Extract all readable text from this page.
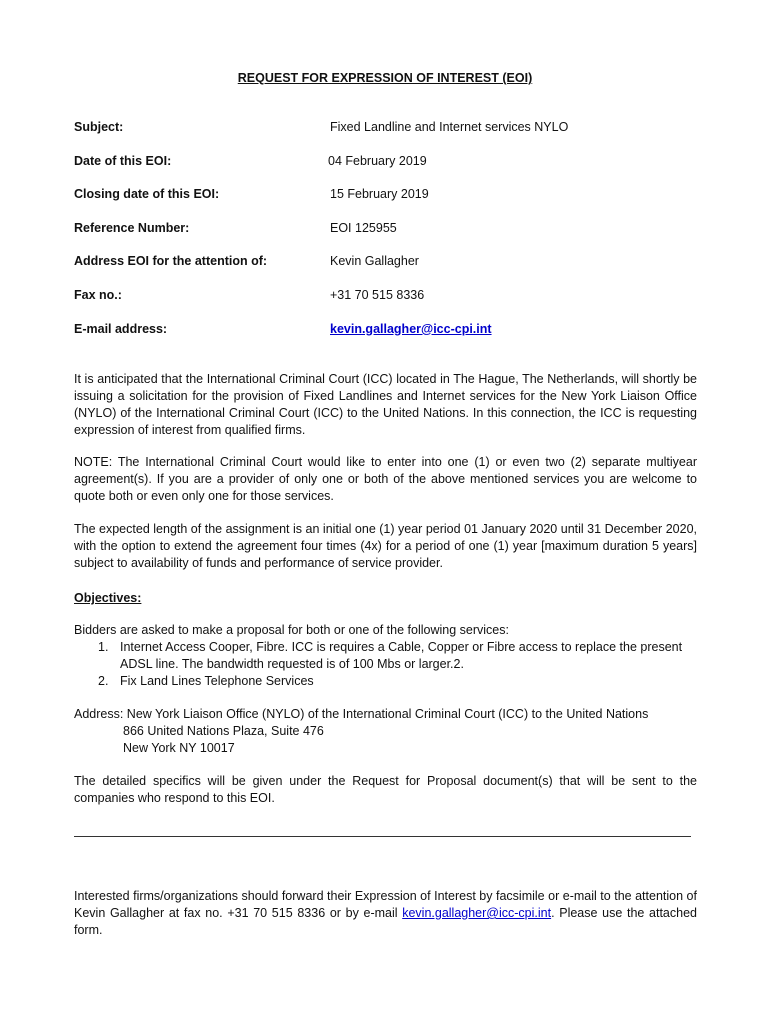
REQUEST FOR EXPRESSION OF INTEREST (EOI)
Subject:	Fixed Landline and Internet services NYLO
Date of this EOI:	04 February 2019
Closing date of this EOI:	15 February 2019
Reference Number:	EOI 125955
Address EOI for the attention of:	Kevin Gallagher
Fax no.:	+31 70 515 8336
E-mail address:	kevin.gallagher@icc-cpi.int

It is anticipated that the International Criminal Court (ICC) located in The Hague, The Netherlands, will shortly be issuing a solicitation for the provision of Fixed Landlines and Internet services for the New York Liaison Office (NYLO) of the International Criminal Court (ICC) to the United Nations. In this connection, the ICC is requesting expression of interest from qualified firms.

NOTE: The International Criminal Court would like to enter into one (1) or even two (2) separate multiyear agreement(s). If you are a provider of only one or both of the above mentioned services you are welcome to quote both or even only one for those services.

The expected length of the assignment is an initial one (1) year period 01 January 2020 until 31 December 2020, with the option to extend the agreement four times (4x) for a period of one (1) year [maximum duration 5 years] subject to availability of funds and performance of service provider.

Objectives:
Bidders are asked to make a proposal for both or one of the following services:
1. Internet Access Cooper, Fibre. ICC is requires a Cable, Copper or Fibre access to replace the present ADSL line. The bandwidth requested is of 100 Mbs or larger.2.
2. Fix Land Lines Telephone Services
Address: New York Liaison Office (NYLO) of the International Criminal Court (ICC) to the United Nations
866 United Nations Plaza, Suite 476
New York NY 10017

The detailed specifics will be given under the Request for Proposal document(s) that will be sent to the companies who respond to this EOI.

Interested firms/organizations should forward their Expression of Interest by facsimile or e-mail to the attention of Kevin Gallagher at fax no. +31 70 515 8336 or by e-mail kevin.gallagher@icc-cpi.int. Please use the attached form.
